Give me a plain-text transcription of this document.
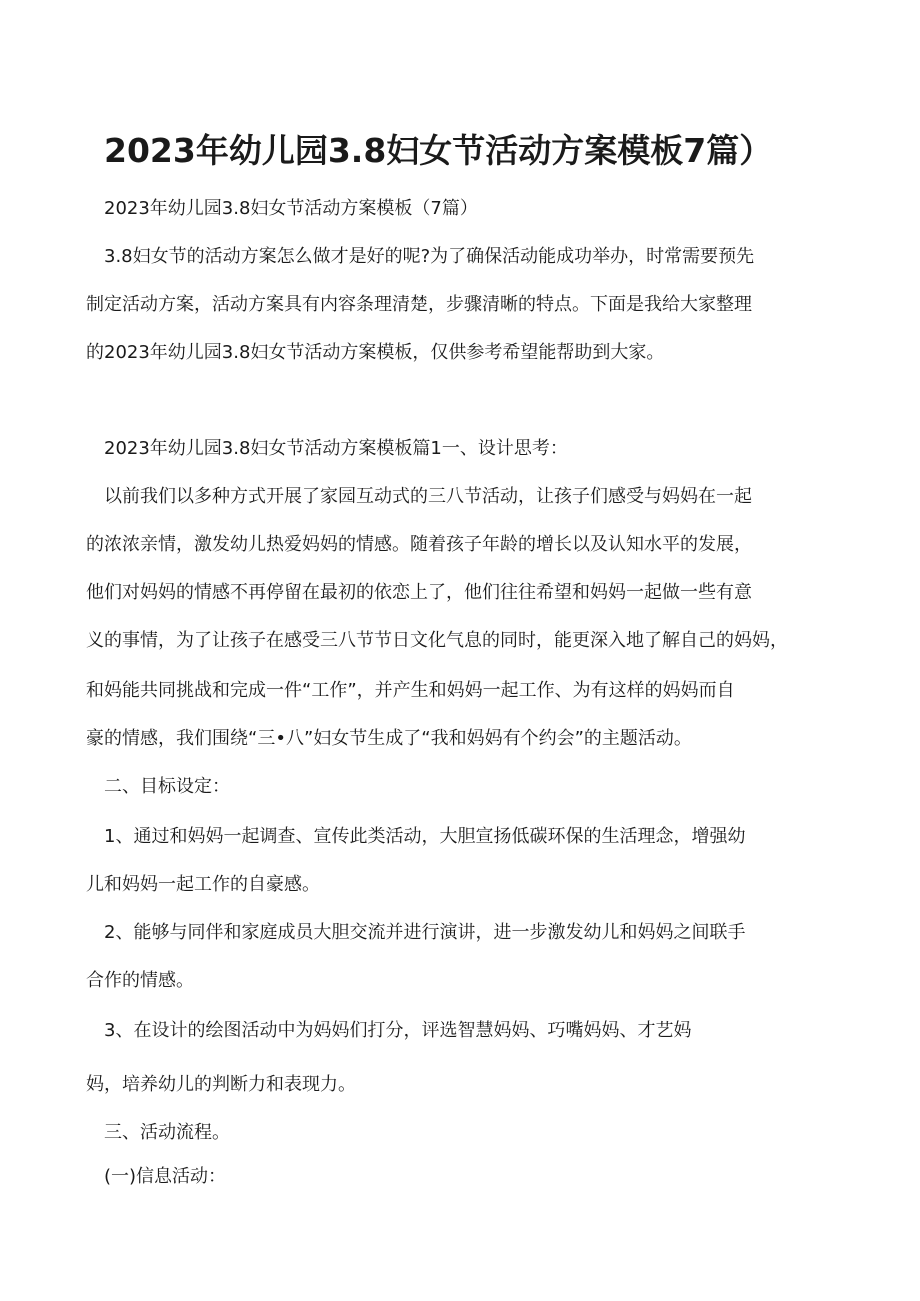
2023年幼儿园3.8妇女节活动方案模板7篇）

2023年幼儿园3.8妇女节活动方案模板（7篇）

3.8妇女节的活动方案怎么做才是好的呢?为了确保活动能成功举办，时常需要预先

制定活动方案，活动方案具有内容条理清楚，步骤清晰的特点。下面是我给大家整理

的2023年幼儿园3.8妇女节活动方案模板，仅供参考希望能帮助到大家。

2023年幼儿园3.8妇女节活动方案模板篇1一、设计思考：

以前我们以多种方式开展了家园互动式的三八节活动，让孩子们感受与妈妈在一起

的浓浓亲情，激发幼儿热爱妈妈的情感。随着孩子年龄的增长以及认知水平的发展，

他们对妈妈的情感不再停留在最初的依恋上了，他们往往希望和妈妈一起做一些有意

义的事情，为了让孩子在感受三八节节日文化气息的同时，能更深入地了解自己的妈妈，

和妈能共同挑战和完成一件“工作”，并产生和妈妈一起工作、为有这样的妈妈而自

豪的情感，我们围绕“三•八”妇女节生成了“我和妈妈有个约会”的主题活动。

二、目标设定：

1、通过和妈妈一起调查、宣传此类活动，大胆宣扬低碳环保的生活理念，增强幼

儿和妈妈一起工作的自豪感。

2、能够与同伴和家庭成员大胆交流并进行演讲，进一步激发幼儿和妈妈之间联手

合作的情感。

3、在设计的绘图活动中为妈妈们打分，评选智慧妈妈、巧嘴妈妈、才艺妈

妈，培养幼儿的判断力和表现力。

三、活动流程。

(一)信息活动：
